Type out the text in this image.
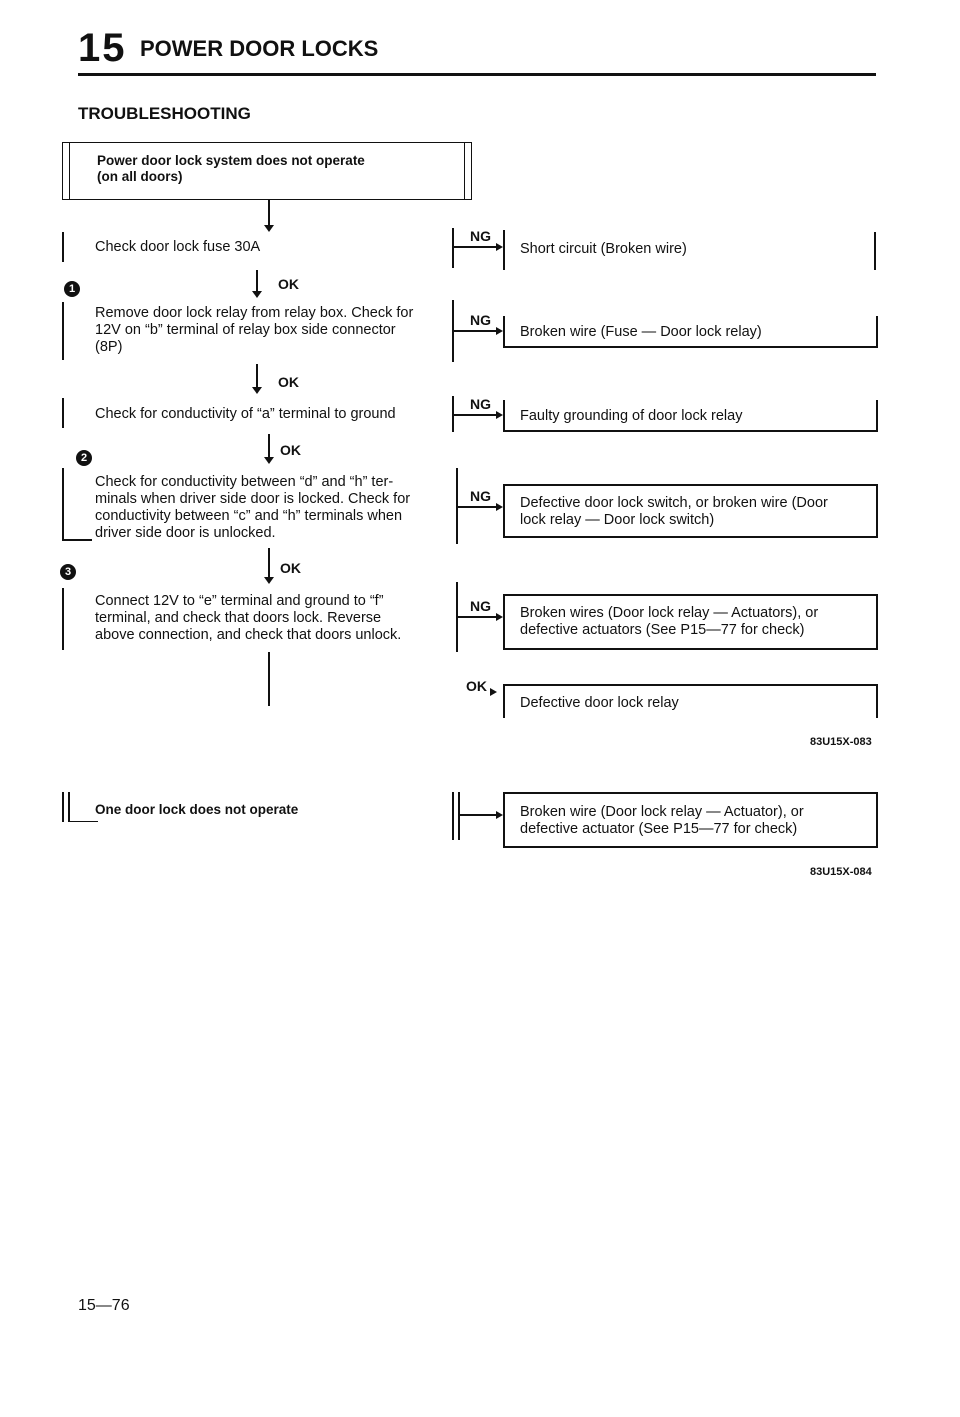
15 POWER DOOR LOCKS
TROUBLESHOOTING
Power door lock system does not operate
(on all doors)
Check door lock fuse 30A
NG
Short circuit (Broken wire)
1	OK
Remove door lock relay from relay box. Check for
12V on “b” terminal of relay box side connector
(8P)
NG
Broken wire (Fuse — Door lock relay)
OK
Check for conductivity of “a” terminal to ground
NG
Faulty grounding of door lock relay
2	OK
Check for conductivity between “d” and “h” ter-
minals when driver side door is locked. Check for
conductivity between “c” and “h” terminals when
driver side door is unlocked.
NG Defective door lock switch, or broken wire (Door
lock relay — Door lock switch)
3	OK
Connect 12V to “e” terminal and ground to “f”
terminal, and check that doors lock. Reverse
above connection, and check that doors unlock.
NG Broken wires (Door lock relay — Actuators), or
defective actuators (See P15—77 for check)
OK
Defective door lock relay
83U15X-083
One door lock does not operate	Broken wire (Door lock relay — Actuator), or
defective actuator (See P15—77 for check)
83U15X-084
15—76
